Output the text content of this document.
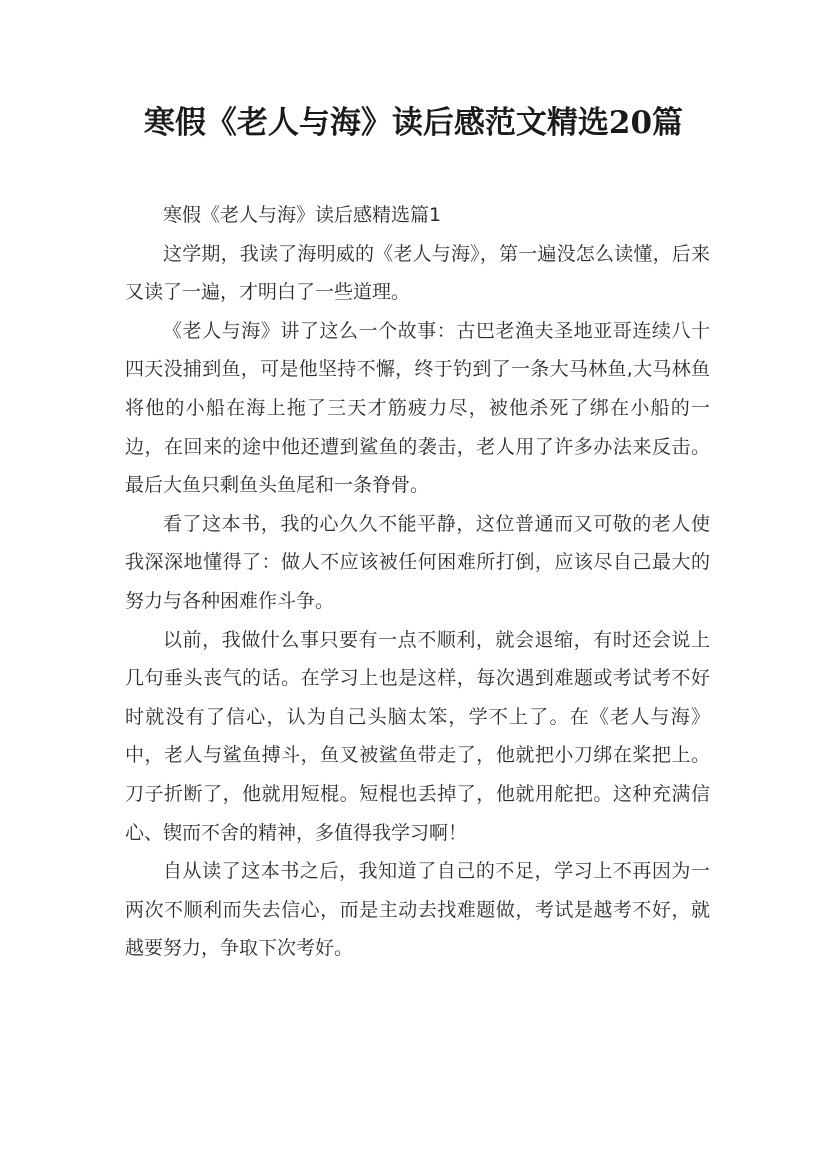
寒假《老人与海》读后感范文精选20篇

寒假《老人与海》读后感精选篇1

这学期，我读了海明威的《老人与海》，第一遍没怎么读懂，后来又读了一遍，才明白了一些道理。

《老人与海》讲了这么一个故事：古巴老渔夫圣地亚哥连续八十四天没捕到鱼，可是他坚持不懈，终于钓到了一条大马林鱼,大马林鱼将他的小船在海上拖了三天才筋疲力尽，被他杀死了绑在小船的一边，在回来的途中他还遭到鲨鱼的袭击，老人用了许多办法来反击。最后大鱼只剩鱼头鱼尾和一条脊骨。

看了这本书，我的心久久不能平静，这位普通而又可敬的老人使我深深地懂得了：做人不应该被任何困难所打倒，应该尽自己最大的努力与各种困难作斗争。

以前，我做什么事只要有一点不顺利，就会退缩，有时还会说上几句垂头丧气的话。在学习上也是这样，每次遇到难题或考试考不好时就没有了信心，认为自己头脑太笨，学不上了。在《老人与海》中，老人与鲨鱼搏斗，鱼叉被鲨鱼带走了，他就把小刀绑在桨把上。刀子折断了，他就用短棍。短棍也丢掉了，他就用舵把。这种充满信心、锲而不舍的精神，多值得我学习啊！

自从读了这本书之后，我知道了自己的不足，学习上不再因为一两次不顺利而失去信心，而是主动去找难题做，考试是越考不好，就越要努力，争取下次考好。
